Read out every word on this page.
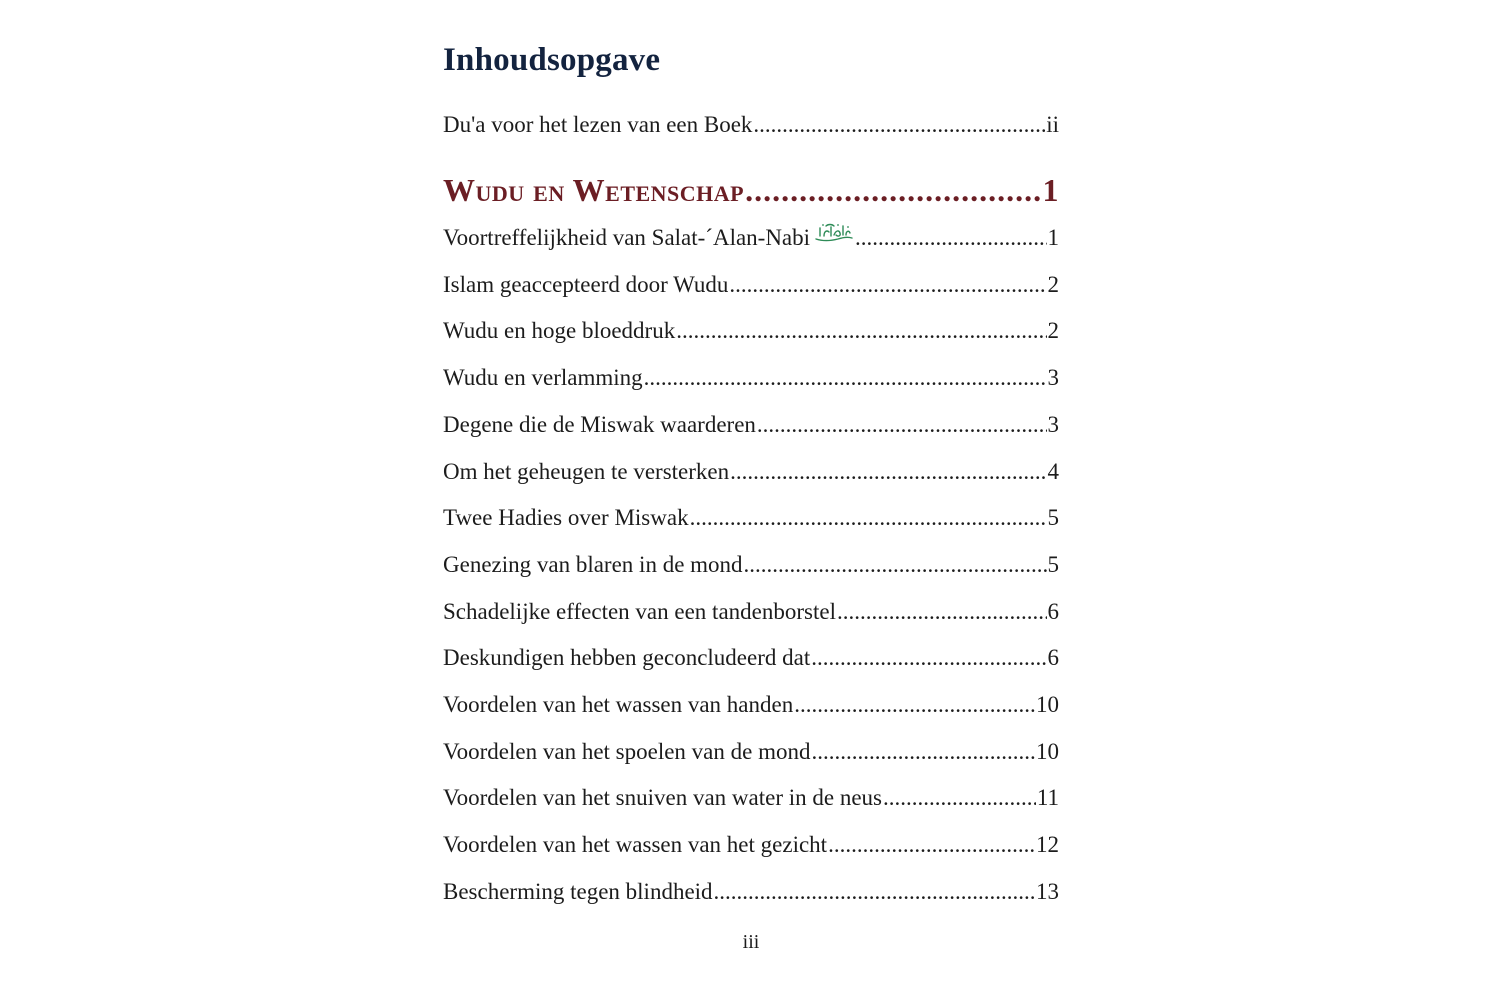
Inhoudsopgave
Du'a voor het lezen van een Boek .....	ii
Wudu en Wetenschap .....	1
Voortreffelijkheid van Salat-´Alan-Nabi .....	1
Islam geaccepteerd door Wudu .....	2
Wudu en hoge bloeddruk .....	2
Wudu en verlamming .....	3
Degene die de Miswak waarderen .....	3
Om het geheugen te versterken .....	4
Twee Hadies over Miswak .....	5
Genezing van blaren in de mond .....	5
Schadelijke effecten van een tandenborstel .....	6
Deskundigen hebben geconcludeerd dat .....	6
Voordelen van het wassen van handen .....	10
Voordelen van het spoelen van de mond .....	10
Voordelen van het snuiven van water in de neus .....	11
Voordelen van het wassen van het gezicht .....	12
Bescherming tegen blindheid .....	13
iii
